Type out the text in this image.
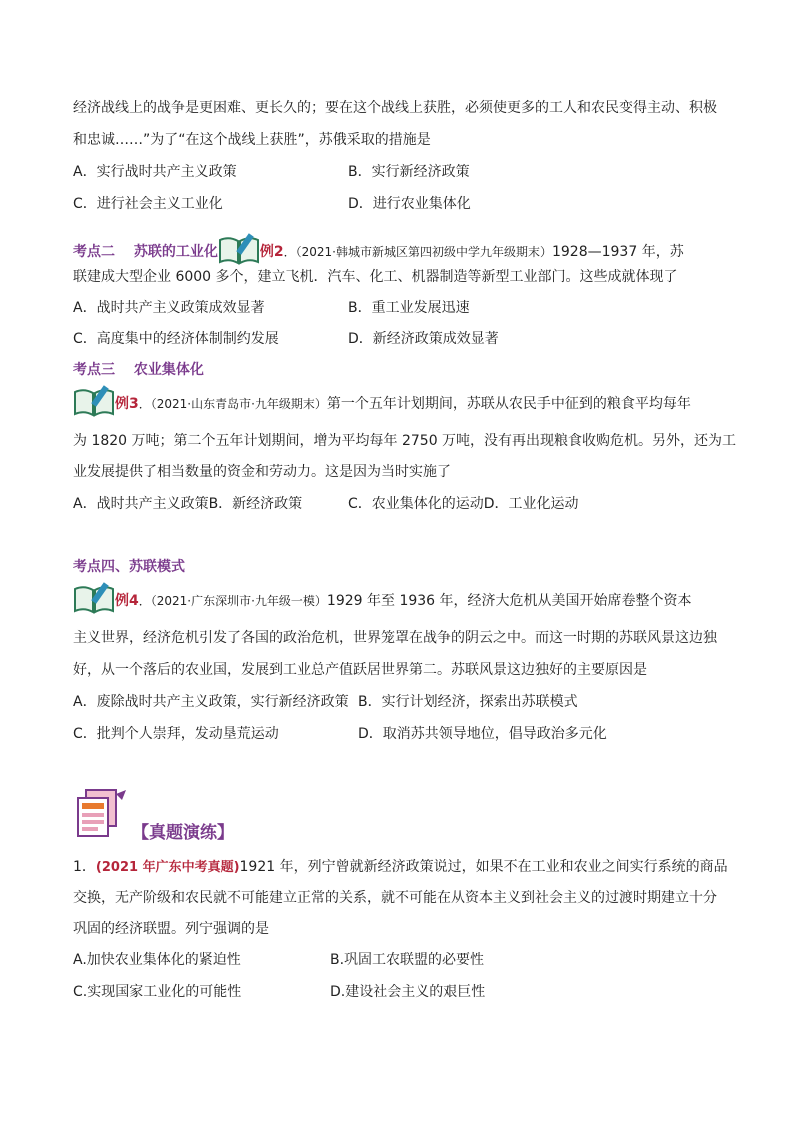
经济战线上的战争是更困难、更长久的；要在这个战线上获胜，必须使更多的工人和农民变得主动、积极
和忠诚……”为了“在这个战线上获胜”，苏俄采取的措施是
A．实行战时共产主义政策	B．实行新经济政策
C．进行社会主义工业化	D．进行农业集体化
考点二　 苏联的工业化	例2．（2021·韩城市新城区第四初级中学九年级期末）1928—1937 年，苏
联建成大型企业 6000 多个，建立飞机．汽车、化工、机器制造等新型工业部门。这些成就体现了
A．战时共产主义政策成效显著	B．重工业发展迅速
C．高度集中的经济体制制约发展	D．新经济政策成效显著
考点三　 农业集体化
例3．（2021·山东青岛市·九年级期末）第一个五年计划期间，苏联从农民手中征到的粮食平均每年
为 1820 万吨；第二个五年计划期间，增为平均每年 2750 万吨，没有再出现粮食收购危机。另外，还为工
业发展提供了相当数量的资金和劳动力。这是因为当时实施了
A．战时共产主义政策B．新经济政策	C．农业集体化的运动D．工业化运动
考点四、苏联模式
例4．（2021·广东深圳市·九年级一模）1929 年至 1936 年，经济大危机从美国开始席卷整个资本
主义世界，经济危机引发了各国的政治危机，世界笼罩在战争的阴云之中。而这一时期的苏联风景这边独
好，从一个落后的农业国，发展到工业总产值跃居世界第二。苏联风景这边独好的主要原因是
A．废除战时共产主义政策，实行新经济政策 B．实行计划经济，探索出苏联模式
C．批判个人崇拜，发动垦荒运动	D．取消苏共领导地位，倡导政治多元化
【真题演练】
1．(2021 年广东中考真题)1921 年，列宁曾就新经济政策说过，如果不在工业和农业之间实行系统的商品
交换，无产阶级和农民就不可能建立正常的关系，就不可能在从资本主义到社会主义的过渡时期建立十分
巩固的经济联盟。列宁强调的是
A.加快农业集体化的紧迫性	B.巩固工农联盟的必要性
C.实现国家工业化的可能性	D.建设社会主义的艰巨性
